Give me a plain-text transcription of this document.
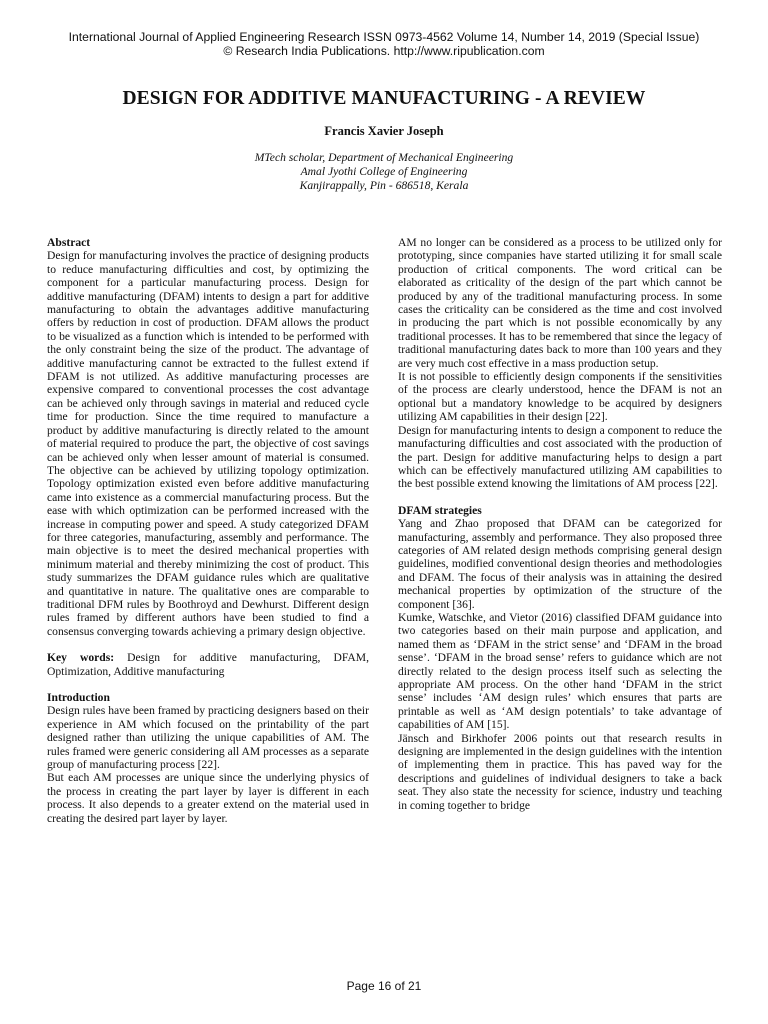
International Journal of Applied Engineering Research ISSN 0973-4562 Volume 14, Number 14, 2019 (Special Issue)
© Research India Publications. http://www.ripublication.com
DESIGN FOR ADDITIVE MANUFACTURING - A REVIEW
Francis Xavier Joseph
MTech scholar, Department of Mechanical Engineering
Amal Jyothi College of Engineering
Kanjirappally, Pin - 686518, Kerala
Abstract

Design for manufacturing involves the practice of designing products to reduce manufacturing difficulties and cost, by optimizing the component for a particular manufacturing process. Design for additive manufacturing (DFAM) intents to design a part for additive manufacturing to obtain the advantages additive manufacturing offers by reduction in cost of production. DFAM allows the product to be visualized as a function which is intended to be performed with the only constraint being the size of the product. The advantage of additive manufacturing cannot be extracted to the fullest extend if DFAM is not utilized. As additive manufacturing processes are expensive compared to conventional processes the cost advantage can be achieved only through savings in material and reduced cycle time for production. Since the time required to manufacture a product by additive manufacturing is directly related to the amount of material required to produce the part, the objective of cost savings can be achieved only when lesser amount of material is consumed. The objective can be achieved by utilizing topology optimization. Topology optimization existed even before additive manufacturing came into existence as a commercial manufacturing process. But the ease with which optimization can be performed increased with the increase in computing power and speed. A study categorized DFAM for three categories, manufacturing, assembly and performance. The main objective is to meet the desired mechanical properties with minimum material and thereby minimizing the cost of product. This study summarizes the DFAM guidance rules which are qualitative and quantitative in nature. The qualitative ones are comparable to traditional DFM rules by Boothroyd and Dewhurst. Different design rules framed by different authors have been studied to find a consensus converging towards achieving a primary design objective.

Key words: Design for additive manufacturing, DFAM, Optimization, Additive manufacturing

Introduction

Design rules have been framed by practicing designers based on their experience in AM which focused on the printability of the part designed rather than utilizing the unique capabilities of AM. The rules framed were generic considering all AM processes as a separate group of manufacturing process [22].

But each AM processes are unique since the underlying physics of the process in creating the part layer by layer is different in each process. It also depends to a greater extend on the material used in creating the desired part layer by layer.

AM no longer can be considered as a process to be utilized only for prototyping, since companies have started utilizing it for small scale production of critical components. The word critical can be elaborated as criticality of the design of the part which cannot be produced by any of the traditional manufacturing process. In some cases the criticality can be considered as the time and cost involved in producing the part which is not possible economically by any traditional processes. It has to be remembered that since the legacy of traditional manufacturing dates back to more than 100 years and they are very much cost effective in a mass production setup.

It is not possible to efficiently design components if the sensitivities of the process are clearly understood, hence the DFAM is not an optional but a mandatory knowledge to be acquired by designers utilizing AM capabilities in their design [22].

Design for manufacturing intents to design a component to reduce the manufacturing difficulties and cost associated with the production of the part. Design for additive manufacturing helps to design a part which can be effectively manufactured utilizing AM capabilities to the best possible extend knowing the limitations of AM process [22].

DFAM strategies

Yang and Zhao proposed that DFAM can be categorized for manufacturing, assembly and performance. They also proposed three categories of AM related design methods comprising general design guidelines, modified conventional design theories and methodologies and DFAM. The focus of their analysis was in attaining the desired mechanical properties by optimization of the structure of the component [36].

Kumke, Watschke, and Vietor (2016) classified DFAM guidance into two categories based on their main purpose and application, and named them as ‘DFAM in the strict sense’ and ‘DFAM in the broad sense’. ‘DFAM in the broad sense’ refers to guidance which are not directly related to the design process itself such as selecting the appropriate AM process. On the other hand ‘DFAM in the strict sense’ includes ‘AM design rules’ which ensures that parts are printable as well as ‘AM design potentials’ to take advantage of capabilities of AM [15].

Jänsch and Birkhofer 2006 points out that research results in designing are implemented in the design guidelines with the intention of implementing them in practice. This has paved way for the descriptions and guidelines of individual designers to take a back seat. They also state the necessity for science, industry und teaching in coming together to bridge

Page 16 of 21
